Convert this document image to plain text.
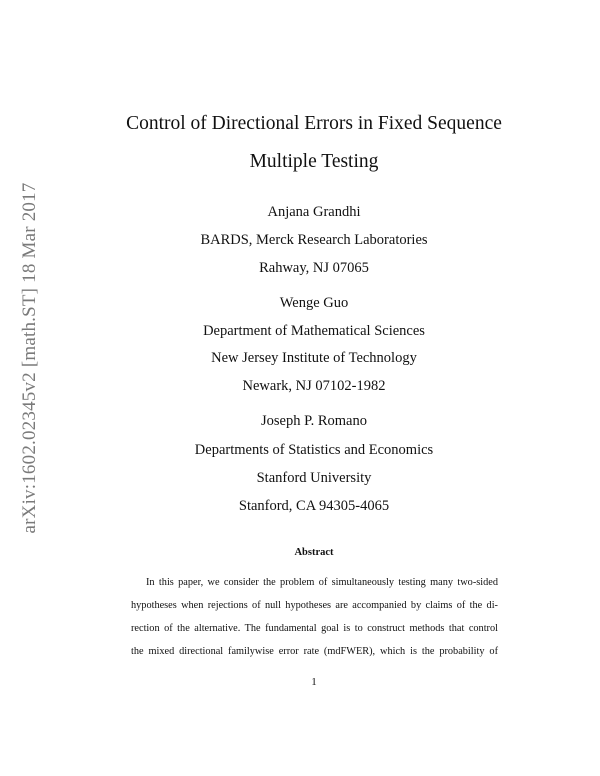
arXiv:1602.02345v2 [math.ST] 18 Mar 2017
Control of Directional Errors in Fixed Sequence
Multiple Testing
Anjana Grandhi
BARDS, Merck Research Laboratories
Rahway, NJ 07065
Wenge Guo
Department of Mathematical Sciences
New Jersey Institute of Technology
Newark, NJ 07102-1982
Joseph P. Romano
Departments of Statistics and Economics
Stanford University
Stanford, CA 94305-4065
Abstract
In this paper, we consider the problem of simultaneously testing many two-sided
hypotheses when rejections of null hypotheses are accompanied by claims of the di-
rection of the alternative. The fundamental goal is to construct methods that control
the mixed directional familywise error rate (mdFWER), which is the probability of
1
